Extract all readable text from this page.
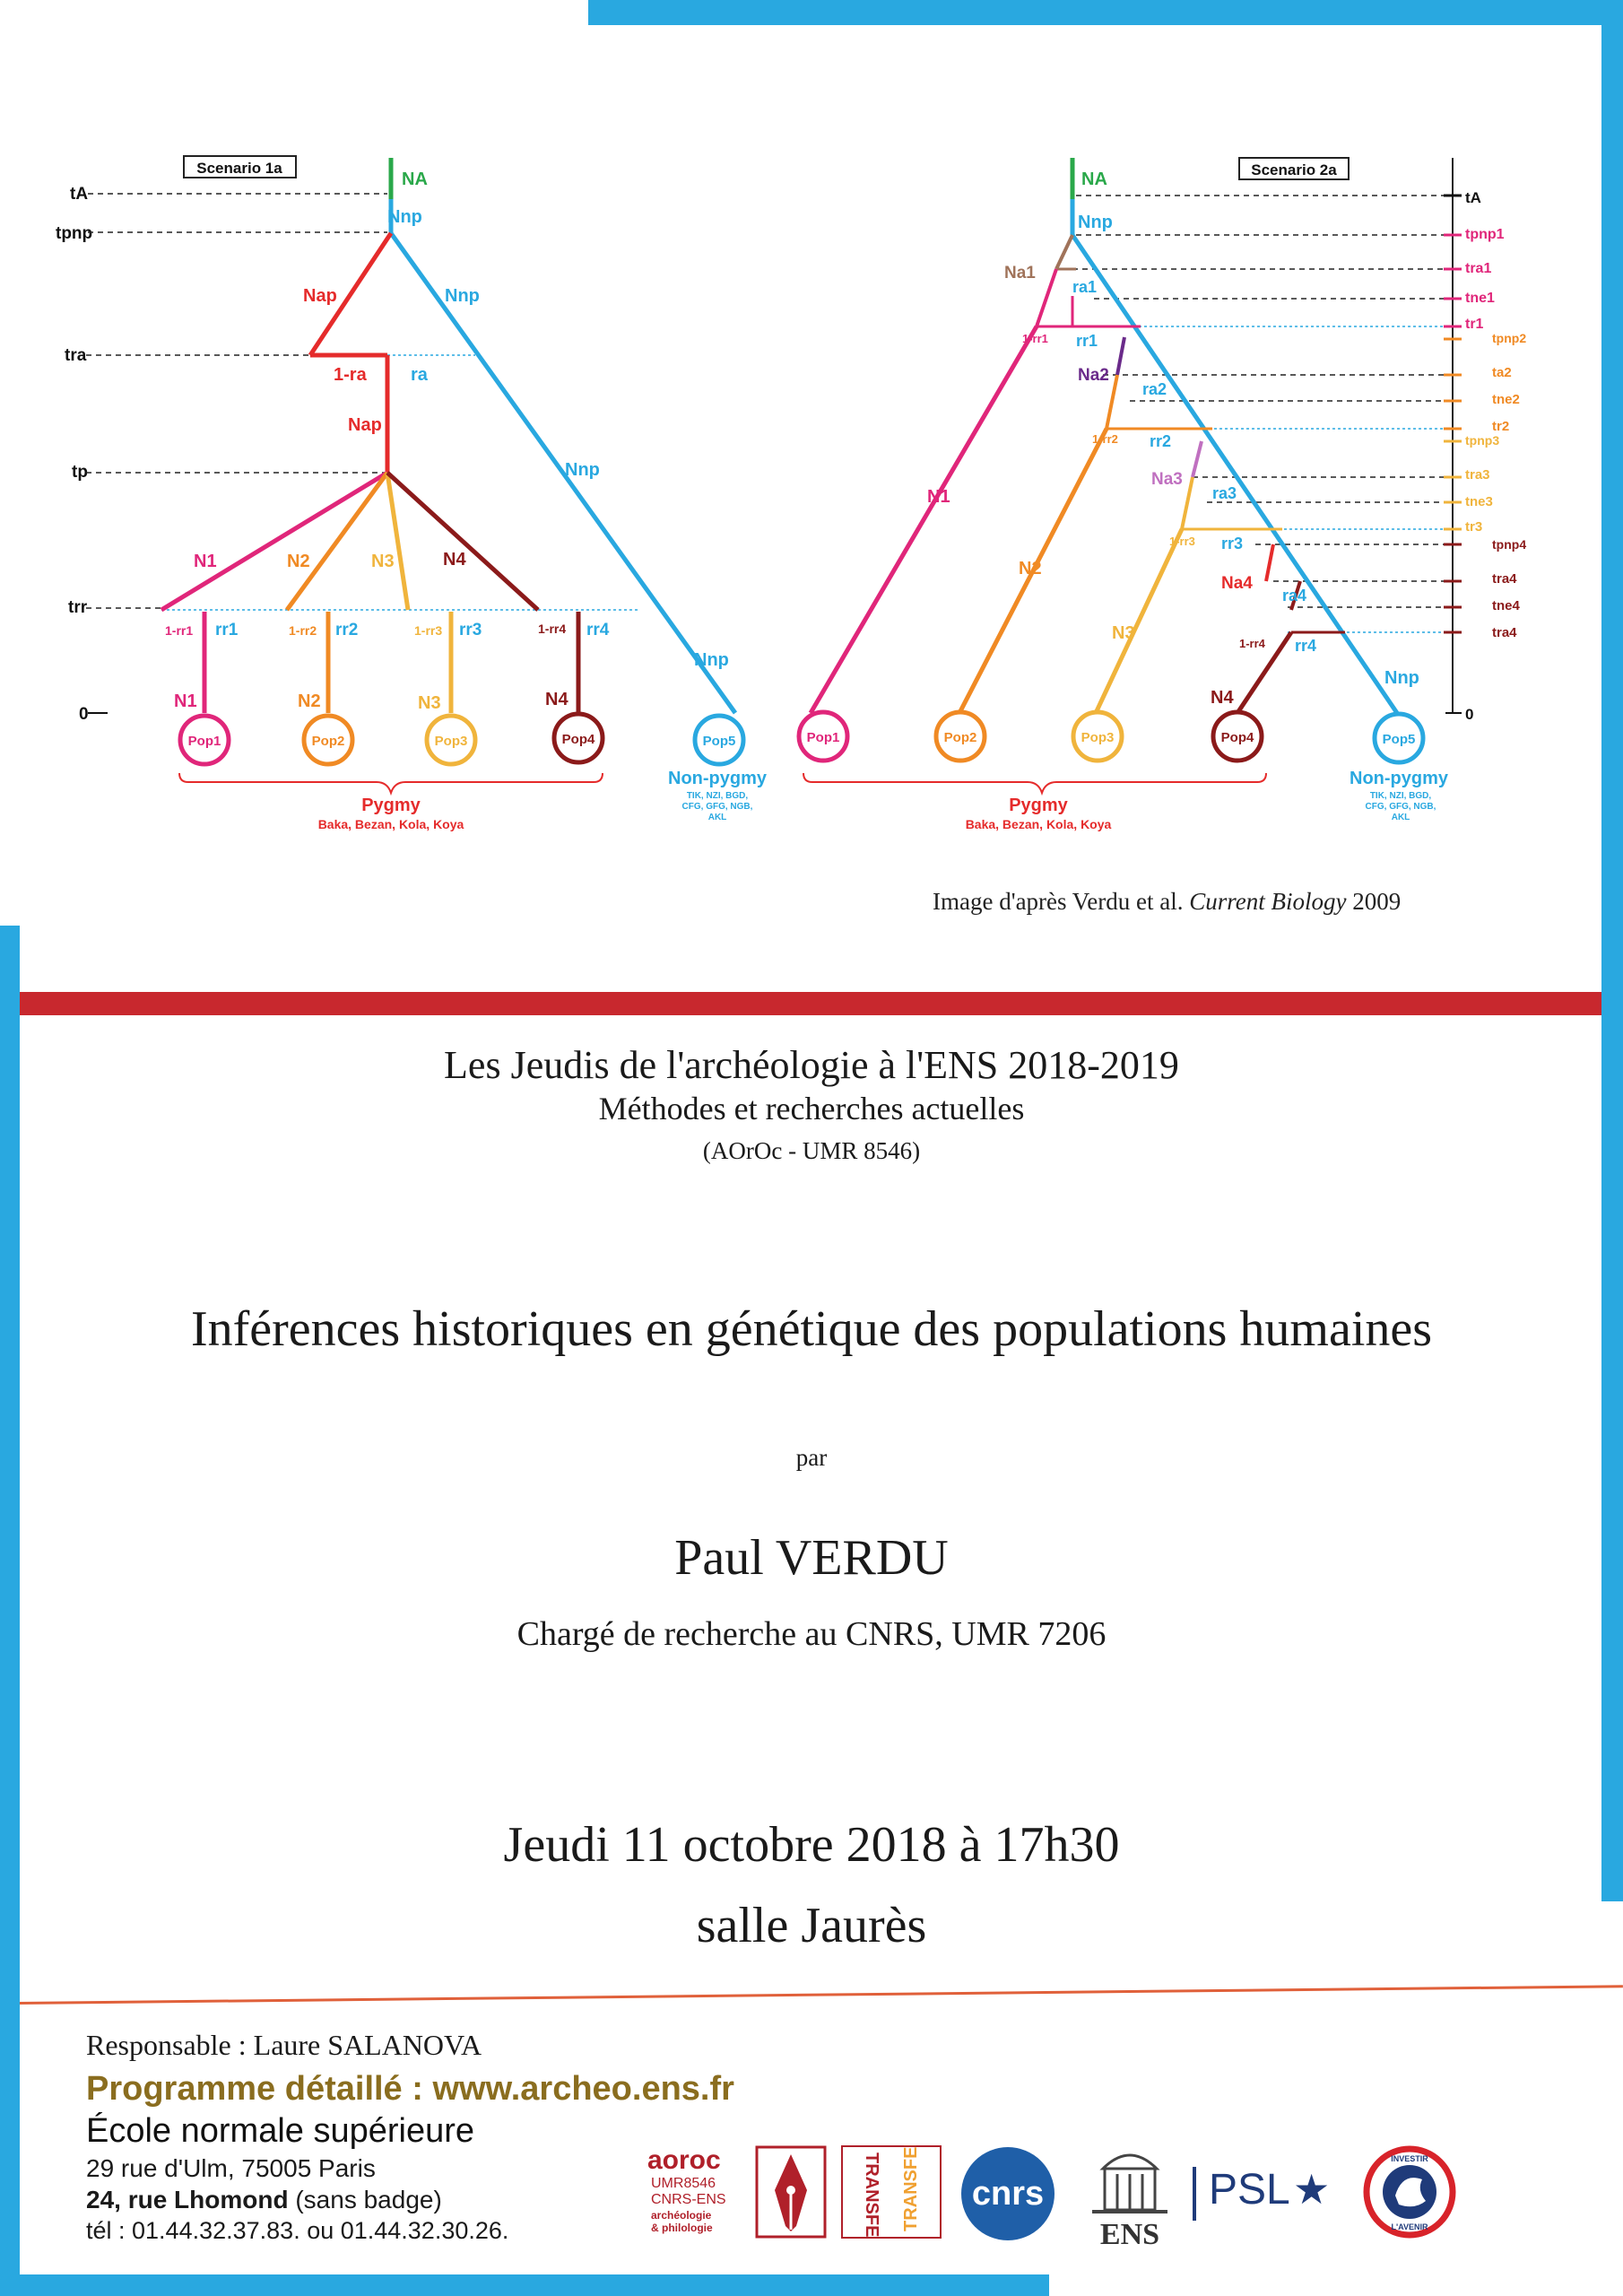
Scenario 1a
tA
tpnp
tra
tp
trr
0
NA
Nnp
Nap	Nnp
1-ra ra
Nap
Nnp
N1	N2	N3	N4
Nnp
1-rr1 rr1	1-rr2 rr2	1-rr3 rr3	1-rr4 rr4
N1	N2	N3	N4
Pop1	Pop2	Pop3	Pop4	Pop5
Pygmy
Baka, Bezan, Kola, Koya
Non-pygmy
TIK, NZI, BGD,
CFG, GFG, NGB,
AKL
Scenario 2a
tA
tpnp1
tra1
tne1
tr1
tpnp2
ta2
tne2
tr2
tpnp3
tra3
tne3
tr3
tpnp4
tra4
tne4
tra4
0
NA
Nnp
Na1
ra1
1-rr1 rr1
Na2
ra2
1-rr2 rr2
Na3
ra3
1-rr3 rr3
Na4
ra4
1-rr4 rr4
N1
N2
N3
N4
Nnp
Pop1	Pop2	Pop3	Pop4	Pop5
Pygmy
Baka, Bezan, Kola, Koya
Non-pygmy
TIK, NZI, BGD,
CFG, GFG, NGB,
AKL
Image d'après Verdu et al. Current Biology 2009
Les Jeudis de l'archéologie à l'ENS 2018-2019
Méthodes et recherches actuelles
(AOrOc - UMR 8546)
Inférences historiques en génétique des populations humaines
par
Paul VERDU
Chargé de recherche au CNRS, UMR 7206
Jeudi 11 octobre 2018 à 17h30
salle Jaurès
Responsable : Laure SALANOVA
Programme détaillé : www.archeo.ens.fr
École normale supérieure
29 rue d'Ulm, 75005 Paris
24, rue Lhomond (sans badge)
tél : 01.44.32.37.83. ou 01.44.32.30.26.
aoroc
UMR8546
CNRS-ENS
archéologie
& philologie	TRANSFERS TRANSFERS cnrs
ENS
PSL ★
INVESTIR
L'AVENIR
